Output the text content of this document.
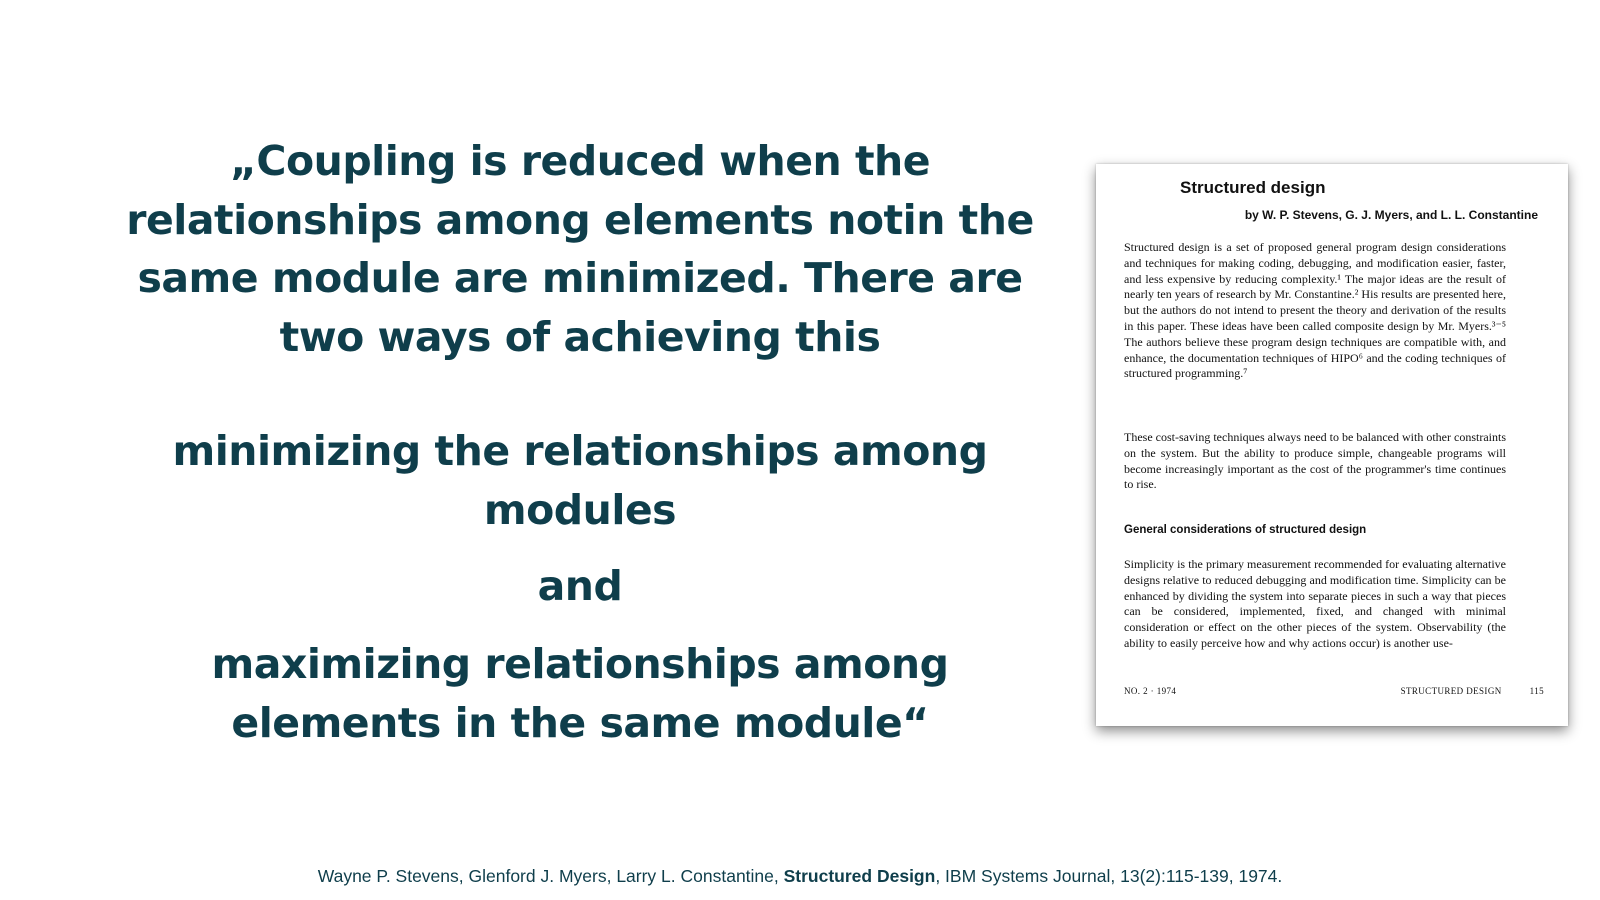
„Coupling is reduced when the relationships among elements notin the same module are minimized. There are two ways of achieving this

minimizing the relationships among modules

and

maximizing relationships among elements in the same module“

Structured design
by W. P. Stevens, G. J. Myers, and L. L. Constantine

Structured design is a set of proposed general program design considerations and techniques for making coding, debugging, and modification easier, faster, and less expensive by reducing complexity.¹ The major ideas are the result of nearly ten years of research by Mr. Constantine.² His results are presented here, but the authors do not intend to present the theory and derivation of the results in this paper. These ideas have been called composite design by Mr. Myers.³⁻⁵ The authors believe these program design techniques are compatible with, and enhance, the documentation techniques of HIPO⁶ and the coding techniques of structured programming.⁷

These cost-saving techniques always need to be balanced with other constraints on the system. But the ability to produce simple, changeable programs will become increasingly important as the cost of the programmer's time continues to rise.

General considerations of structured design

Simplicity is the primary measurement recommended for evaluating alternative designs relative to reduced debugging and modification time. Simplicity can be enhanced by dividing the system into separate pieces in such a way that pieces can be considered, implemented, fixed, and changed with minimal consideration or effect on the other pieces of the system. Observability (the ability to easily perceive how and why actions occur) is another use-

NO. 2 · 1974	STRUCTURED DESIGN	115
Wayne P. Stevens, Glenford J. Myers, Larry L. Constantine, Structured Design, IBM Systems Journal, 13(2):115-139, 1974.
